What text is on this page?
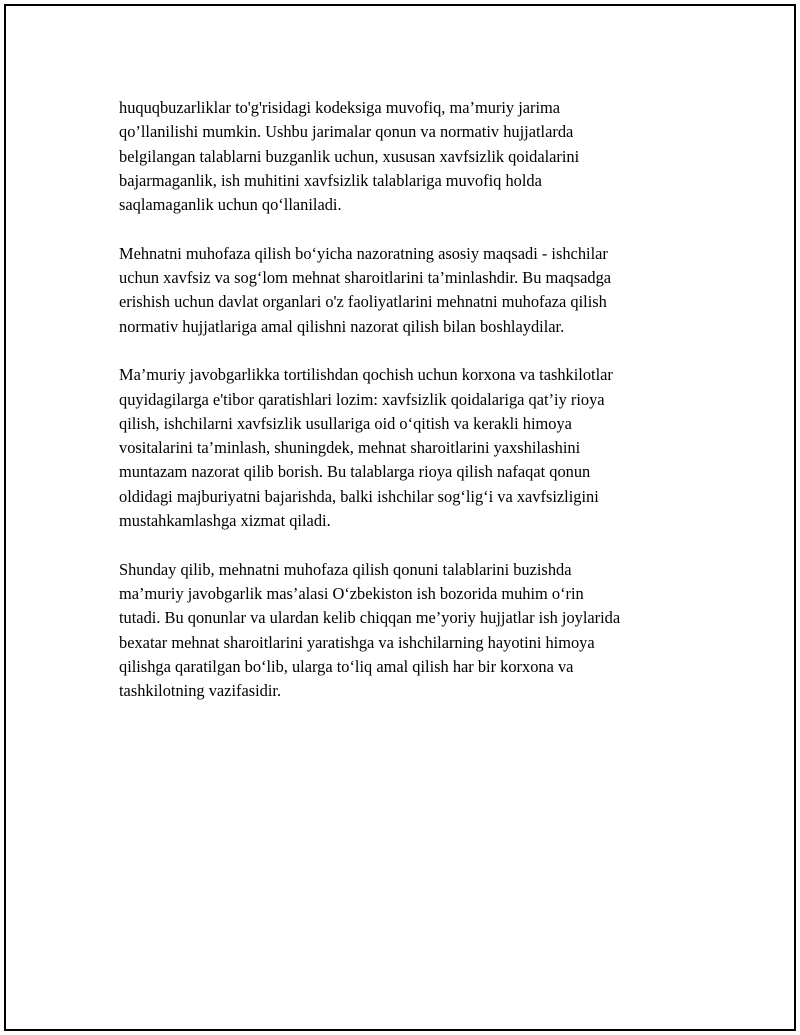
huquqbuzarliklar to'g'risidagi kodeksiga muvofiq, ma’muriy jarima
qo’llanilishi mumkin. Ushbu jarimalar qonun va normativ hujjatlarda
belgilangan talablarni buzganlik uchun, xususan xavfsizlik qoidalarini
bajarmaganlik, ish muhitini xavfsizlik talablariga muvofiq holda
saqlamaganlik uchun qo‘llaniladi.

Mehnatni muhofaza qilish bo‘yicha nazoratning asosiy maqsadi - ishchilar
uchun xavfsiz va sog‘lom mehnat sharoitlarini ta’minlashdir. Bu maqsadga
erishish uchun davlat organlari o'z faoliyatlarini mehnatni muhofaza qilish
normativ hujjatlariga amal qilishni nazorat qilish bilan boshlaydilar.

Ma’muriy javobgarlikka tortilishdan qochish uchun korxona va tashkilotlar
quyidagilarga e'tibor qaratishlari lozim: xavfsizlik qoidalariga qat’iy rioya
qilish, ishchilarni xavfsizlik usullariga oid o‘qitish va kerakli himoya
vositalarini ta’minlash, shuningdek, mehnat sharoitlarini yaxshilashini
muntazam nazorat qilib borish. Bu talablarga rioya qilish nafaqat qonun
oldidagi majburiyatni bajarishda, balki ishchilar sog‘lig‘i va xavfsizligini
mustahkamlashga xizmat qiladi.

Shunday qilib, mehnatni muhofaza qilish qonuni talablarini buzishda
ma’muriy javobgarlik mas’alasi O‘zbekiston ish bozorida muhim o‘rin
tutadi. Bu qonunlar va ulardan kelib chiqqan me’yoriy hujjatlar ish joylarida
bexatar mehnat sharoitlarini yaratishga va ishchilarning hayotini himoya
qilishga qaratilgan bo‘lib, ularga to‘liq amal qilish har bir korxona va
tashkilotning vazifasidir.
